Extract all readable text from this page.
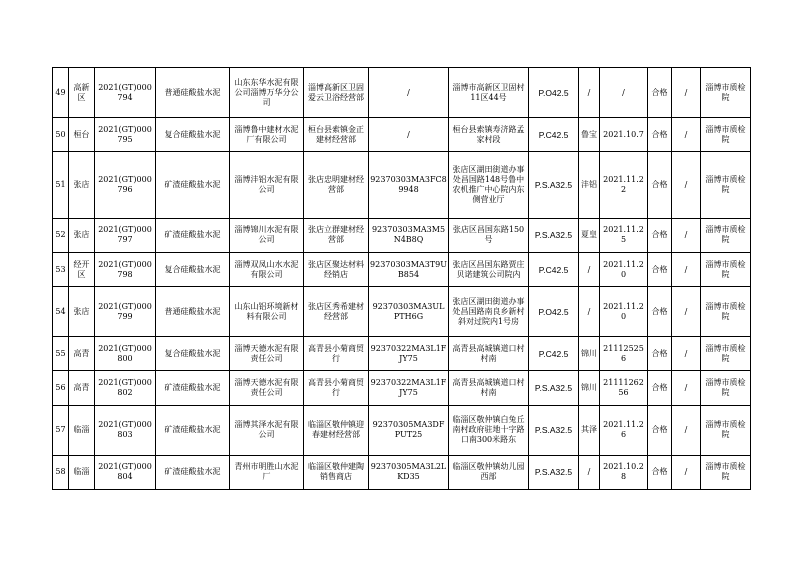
49	高新区	2021(GT)000794	普通硅酸盐水泥	山东东华水泥有限公司淄博万华分公司	淄博高新区卫固爱云卫浴经营部	/	淄博市高新区卫固村11区44号	P.O42.5	/	/	合格	/	淄博市质检院
50	桓台	2021(GT)000795	复合硅酸盐水泥	淄博鲁中建材水泥厂有限公司	桓台县索镇金正建材经营部	/	桓台县索镇寿济路孟家村段	P.C42.5	鲁宝	2021.10.7	合格	/	淄博市质检院
51	张店	2021(GT)000796	矿渣硅酸盐水泥	淄博沣铝水泥有限公司	张店忠明建材经营部	92370303MA3FC89948	张店区湖田街道办事处昌国路148号鲁中农机推广中心院内东侧营业厅	P.S.A32.5	沣铝	2021.11.22	合格	/	淄博市质检院
52	张店	2021(GT)000797	矿渣硅酸盐水泥	淄博锦川水泥有限公司	张店立群建材经营部	92370303MA3M5N4B8Q	张店区昌国东路150号	P.S.A32.5	夏皇	2021.11.25	合格	/	淄博市质检院
53	经开区	2021(GT)000798	复合硅酸盐水泥	淄博双凤山水水泥有限公司	张店区聚达材料经销店	92370303MA3T9UB854	张店区昌国东路贾庄贝诺建筑公司院内	P.C42.5	/	2021.11.20	合格	/	淄博市质检院
54	张店	2021(GT)000799	普通硅酸盐水泥	山东山铝环境新材料有限公司	张店区秀希建材经营部	92370303MA3ULPTH6G	张店区湖田街道办事处昌国路南良乡新村斜对过院内1号房	P.O42.5	/	2021.11.20	合格	/	淄博市质检院
55	高青	2021(GT)000800	复合硅酸盐水泥	淄博天德水泥有限责任公司	高青县小菊商贸行	92370322MA3L1FJY75	高青县高城镇道口村村南	P.C42.5	锦川	211125256	合格	/	淄博市质检院
56	高青	2021(GT)000802	矿渣硅酸盐水泥	淄博天德水泥有限责任公司	高青县小菊商贸行	92370322MA3L1FJY75	高青县高城镇道口村村南	P.S.A32.5	锦川	2111126256	合格	/	淄博市质检院
57	临淄	2021(GT)000803	矿渣硅酸盐水泥	淄博其泽水泥有限公司	临淄区敬仲镇迎春建材经营部	92370305MA3DFPUT25	临淄区敬仲镇白兔丘南村政府驻地十字路口南300米路东	P.S.A32.5	其泽	2021.11.26	合格	/	淄博市质检院
58	临淄	2021(GT)000804	矿渣硅酸盐水泥	青州市明胜山水泥厂	临淄区敬仲建陶销售商店	92370305MA3L2LKD35	临淄区敬仲镇幼儿园西部	P.S.A32.5	/	2021.10.28	合格	/	淄博市质检院
